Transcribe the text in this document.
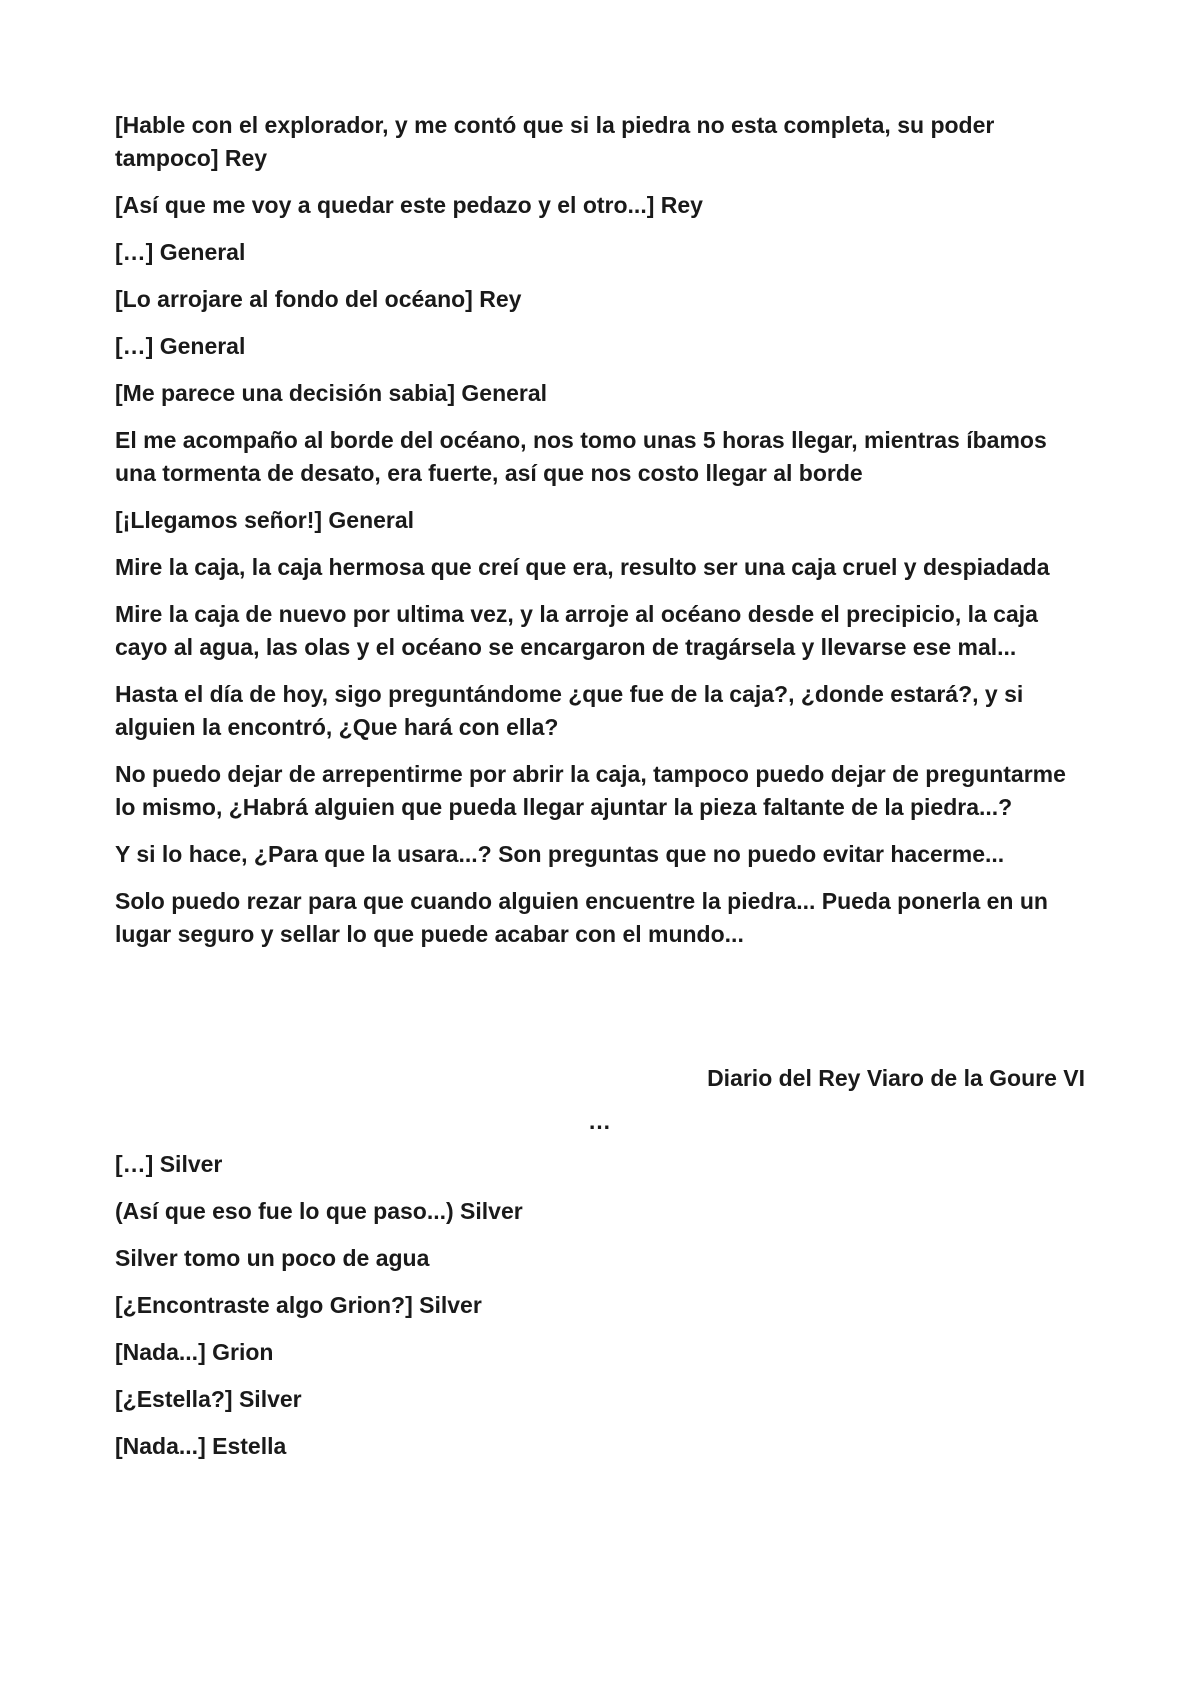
[Hable con el explorador, y me contó que si la piedra no esta completa, su poder tampoco] Rey

[Así que me voy a quedar este pedazo y el otro...] Rey

[…] General

[Lo arrojare al fondo del océano] Rey

[…] General

[Me parece una decisión sabia] General

El me acompaño al borde del océano, nos tomo unas 5 horas llegar, mientras íbamos una tormenta de desato, era fuerte, así que nos costo llegar al borde

[¡Llegamos señor!] General

Mire la caja, la caja hermosa que creí que era, resulto ser una caja cruel y despiadada

Mire la caja de nuevo por ultima vez, y la arroje al océano desde el precipicio, la caja cayo al agua, las olas y el océano se encargaron de tragársela y llevarse ese mal...

Hasta el día de hoy, sigo preguntándome ¿que fue de la caja?, ¿donde estará?, y si alguien la encontró, ¿Que hará con ella?

No puedo dejar de arrepentirme por abrir la caja, tampoco puedo dejar de preguntarme lo mismo, ¿Habrá alguien que pueda llegar ajuntar la pieza faltante de la piedra...?

Y si lo hace, ¿Para que la usara...? Son preguntas que no puedo evitar hacerme...

Solo puedo rezar para que cuando alguien encuentre la piedra... Pueda ponerla en un lugar seguro y sellar lo que puede acabar con el mundo...

Diario del Rey Viaro de la Goure VI

…

[…] Silver

(Así que eso fue lo que paso...) Silver

Silver tomo un poco de agua

[¿Encontraste algo Grion?] Silver

[Nada...] Grion

[¿Estella?] Silver

[Nada...] Estella
